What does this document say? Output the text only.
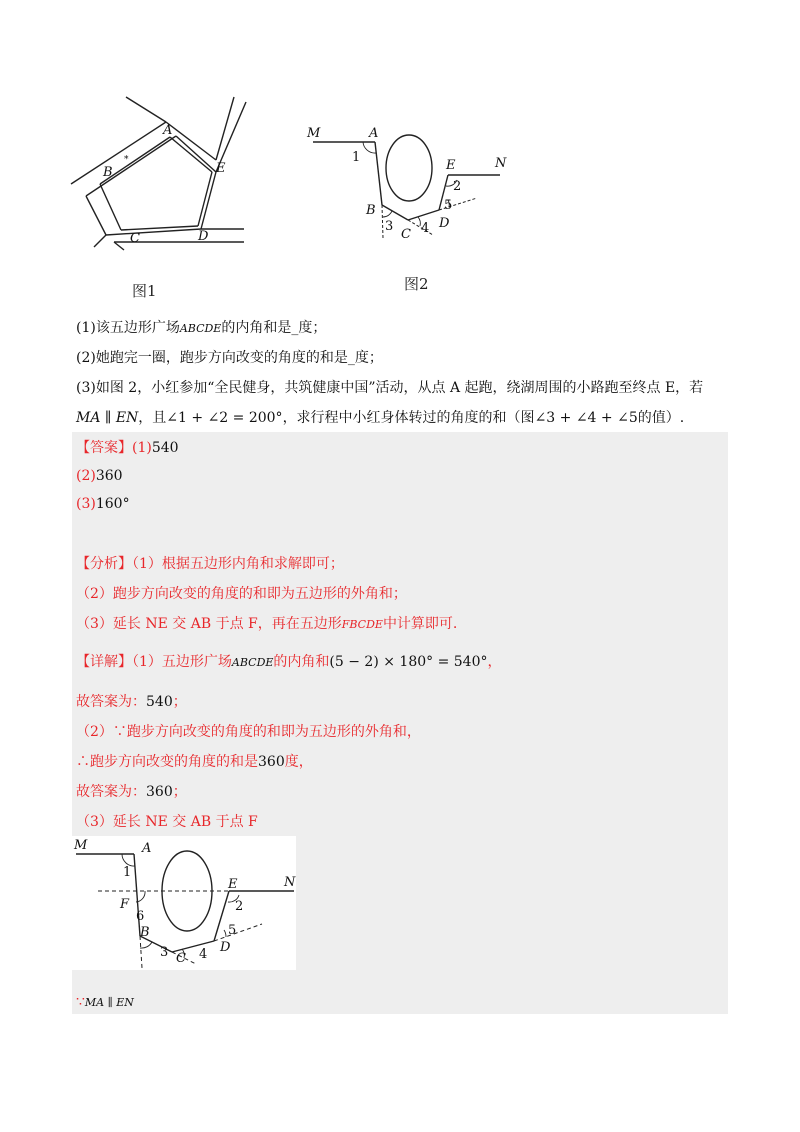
A
B
C	D
E
*
图1
M	A
N
E
B
C
D
1
2
3 4
5
图2
(1)该五边形广场ABCDE的内角和是_度；
(2)她跑完一圈，跑步方向改变的角度的和是_度；
(3)如图 2，小红参加“全民健身，共筑健康中国”活动，从点 A 起跑，绕湖周围的小路跑至终点 E，若
MA ∥ EN，且∠1 + ∠2 = 200°，求行程中小红身体转过的角度的和（图∠3 + ∠4 + ∠5的值）.
【答案】(1)540
(2)360
(3)160°
【分析】（1）根据五边形内角和求解即可；
（2）跑步方向改变的角度的和即为五边形的外角和；
（3）延长 NE 交 AB 于点 F，再在五边形FBCDE中计算即可.
【详解】（1）五边形广场ABCDE的内角和(5 − 2) × 180° = 540°，
故答案为：540；
（2）∵跑步方向改变的角度的和即为五边形的外角和，
∴跑步方向改变的角度的和是360度，
故答案为：360；
（3）延长 NE 交 AB 于点 F
M	A
N
E
F
B
C
D
1
2
3 4
5
6
∵MA ∥ EN
